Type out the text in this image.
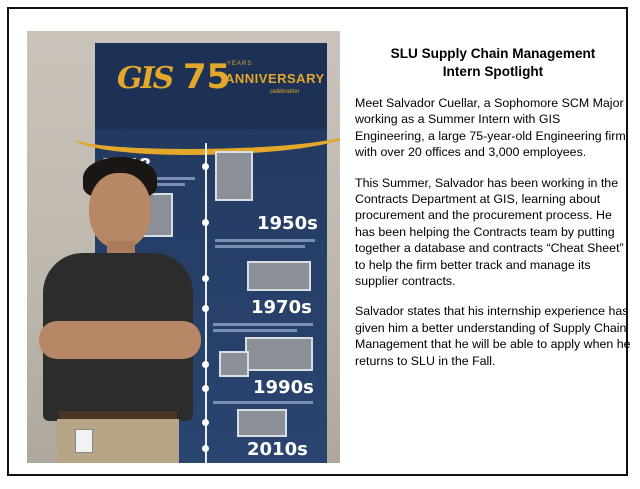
GIS 75
YEARS
ANNIVERSARY
celebration
1950s
1970s
1990s
2010s
SLU Supply Chain Management
Intern Spotlight

Meet Salvador Cuellar, a Sophomore SCM Major working as a Summer Intern with GIS Engineering, a large 75-year-old Engineering firm with over 20 offices and 3,000 employees.

This Summer, Salvador has been working in the Contracts Department at GIS, learning about procurement and the procurement process. He has been helping the Contracts team by putting together a database and contracts “Cheat Sheet” to help the firm better track and manage its supplier contracts.

Salvador states that his internship experience has given him a better understanding of Supply Chain Management that he will be able to apply when he returns to SLU in the Fall.
